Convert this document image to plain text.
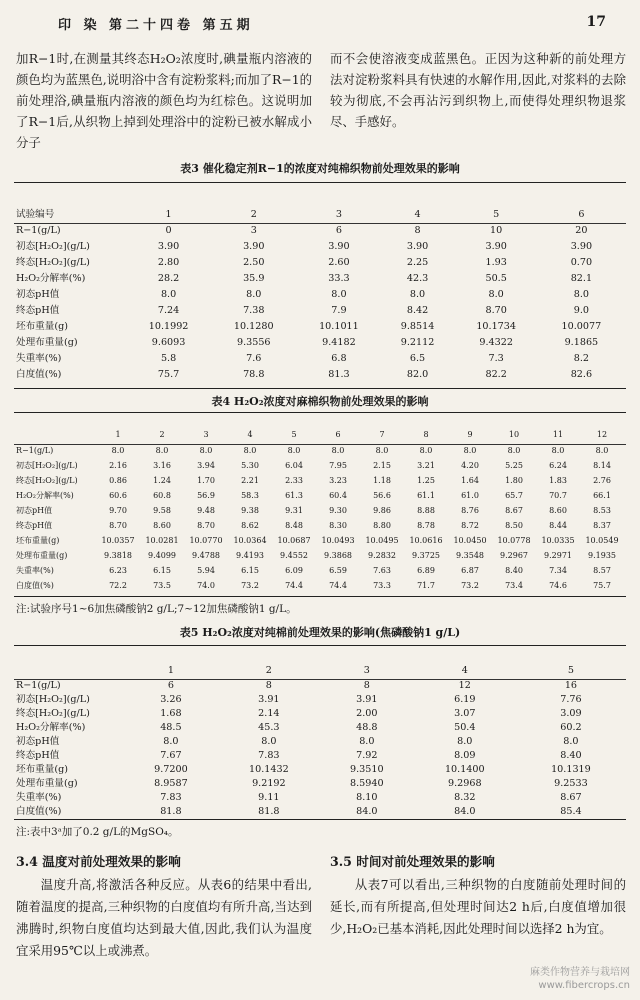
印 染 第二十四卷 第五期	17

加R−1时,在测量其终态H₂O₂浓度时,碘量瓶内溶液的颜色均为蓝黑色,说明浴中含有淀粉浆料;而加了R−1的前处理浴,碘量瓶内溶液的颜色均为红棕色。这说明加了R−1后,从织物上掉到处理浴中的淀粉已被水解成小分子

而不会使溶液变成蓝黑色。正因为这种新的前处理方法对淀粉浆料具有快速的水解作用,因此,对浆料的去除较为彻底,不会再沾污到织物上,而使得处理织物退浆尽、手感好。

表3 催化稳定剂R−1的浓度对纯棉织物前处理效果的影响
试验编号	1	2	3	4	5	6
R−1(g/L)	0	3	6	8	10	20
初态[H₂O₂](g/L)	3.90	3.90	3.90	3.90	3.90	3.90
终态[H₂O₂](g/L)	2.80	2.50	2.60	2.25	1.93	0.70
H₂O₂分解率(%)	28.2	35.9	33.3	42.3	50.5	82.1
初态pH值	8.0	8.0	8.0	8.0	8.0	8.0
终态pH值	7.24	7.38	7.9	8.42	8.70	9.0
坯布重量(g)	10.1992	10.1280	10.1011	9.8514	10.1734	10.0077
处理布重量(g)	9.6093	9.3556	9.4182	9.2112	9.4322	9.1865
失重率(%)	5.8	7.6	6.8	6.5	7.3	8.2
白度值(%)	75.7	78.8	81.3	82.0	82.2	82.6
表4 H₂O₂浓度对麻棉织物前处理效果的影响
	1	2	3	4	5	6	7	8	9	10	11	12
R−1(g/L)	8.0	8.0	8.0	8.0	8.0	8.0	8.0	8.0	8.0	8.0	8.0	8.0
初态[H₂O₂](g/L)	2.16	3.16	3.94	5.30	6.04	7.95	2.15	3.21	4.20	5.25	6.24	8.14
终态[H₂O₂](g/L)	0.86	1.24	1.70	2.21	2.33	3.23	1.18	1.25	1.64	1.80	1.83	2.76
H₂O₂分解率(%)	60.6	60.8	56.9	58.3	61.3	60.4	56.6	61.1	61.0	65.7	70.7	66.1
初态pH值	9.70	9.58	9.48	9.38	9.31	9.30	9.86	8.88	8.76	8.67	8.60	8.53
终态pH值	8.70	8.60	8.70	8.62	8.48	8.30	8.80	8.78	8.72	8.50	8.44	8.37
坯布重量(g)	10.0357	10.0281	10.0770	10.0364	10.0687	10.0493	10.0495	10.0616	10.0450	10.0778	10.0335	10.0549
处理布重量(g)	9.3818	9.4099	9.4788	9.4193	9.4552	9.3868	9.2832	9.3725	9.3548	9.2967	9.2971	9.1935
失重率(%)	6.23	6.15	5.94	6.15	6.09	6.59	7.63	6.89	6.87	8.40	7.34	8.57
白度值(%)	72.2	73.5	74.0	73.2	74.4	74.4	73.3	71.7	73.2	73.4	74.6	75.7
注:试验序号1~6加焦磷酸钠2 g/L;7~12加焦磷酸钠1 g/L。
表5 H₂O₂浓度对纯棉前处理效果的影响(焦磷酸钠1 g/L)
	1	2	3	4	5
R−1(g/L)	6	8	8	12	16
初态[H₂O₂](g/L)	3.26	3.91	3.91	6.19	7.76
终态[H₂O₂](g/L)	1.68	2.14	2.00	3.07	3.09
H₂O₂分解率(%)	48.5	45.3	48.8	50.4	60.2
初态pH值	8.0	8.0	8.0	8.0	8.0
终态pH值	7.67	7.83	7.92	8.09	8.40
坯布重量(g)	9.7200	10.1432	9.3510	10.1400	10.1319
处理布重量(g)	8.9587	9.2192	8.5940	9.2968	9.2533
失重率(%)	7.83	9.11	8.10	8.32	8.67
白度值(%)	81.8	81.8	84.0	84.0	85.4
注:表中3ᵃ加了0.2 g/L的MgSO₄。
3.4 温度对前处理效果的影响

温度升高,将激活各种反应。从表6的结果中看出,随着温度的提高,三种织物的白度值均有所升高,当达到沸腾时,织物白度值均达到最大值,因此,我们认为温度宜采用95℃以上或沸煮。

3.5 时间对前处理效果的影响

从表7可以看出,三种织物的白度随前处理时间的延长,而有所提高,但处理时间达2 h后,白度值增加很少,H₂O₂已基本消耗,因此处理时间以选择2 h为宜。

麻类作物营养与栽培网
www.fibercrops.cn
